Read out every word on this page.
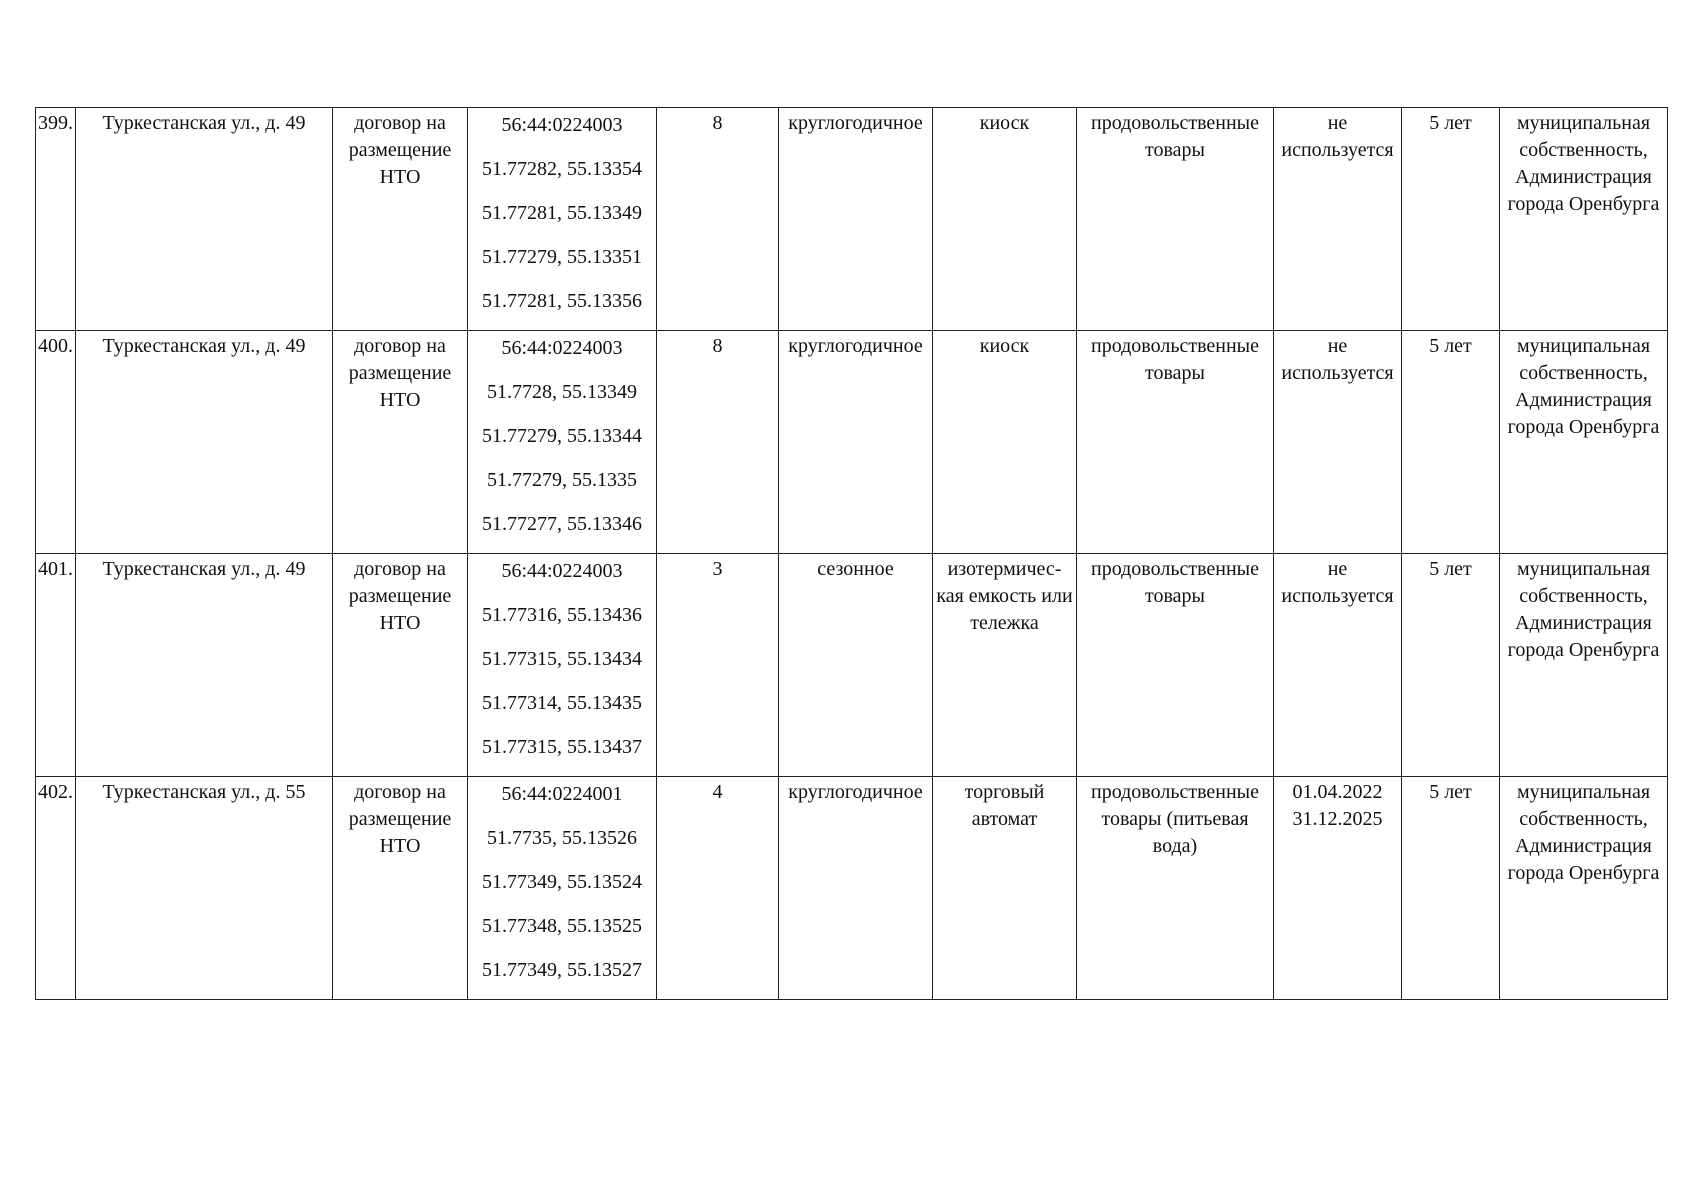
399.	Туркестанская ул., д. 49	договор на размещение НТО	56:44:0224003
51.77282, 55.13354
51.77281, 55.13349
51.77279, 55.13351
51.77281, 55.13356	8	круглогодичное	киоск	продовольственные товары	не используется	5 лет	муниципальная собственность, Администрация города Оренбурга
400.	Туркестанская ул., д. 49	договор на размещение НТО	56:44:0224003
51.7728, 55.13349
51.77279, 55.13344
51.77279, 55.1335
51.77277, 55.13346	8	круглогодичное	киоск	продовольственные товары	не используется	5 лет	муниципальная собственность, Администрация города Оренбурга
401.	Туркестанская ул., д. 49	договор на размещение НТО	56:44:0224003
51.77316, 55.13436
51.77315, 55.13434
51.77314, 55.13435
51.77315, 55.13437	3	сезонное	изотермичес-кая емкость или тележка	продовольственные товары	не используется	5 лет	муниципальная собственность, Администрация города Оренбурга
402.	Туркестанская ул., д. 55	договор на размещение НТО	56:44:0224001
51.7735, 55.13526
51.77349, 55.13524
51.77348, 55.13525
51.77349, 55.13527	4	круглогодичное	торговый автомат	продовольственные товары (питьевая вода)	01.04.2022 31.12.2025	5 лет	муниципальная собственность, Администрация города Оренбурга
